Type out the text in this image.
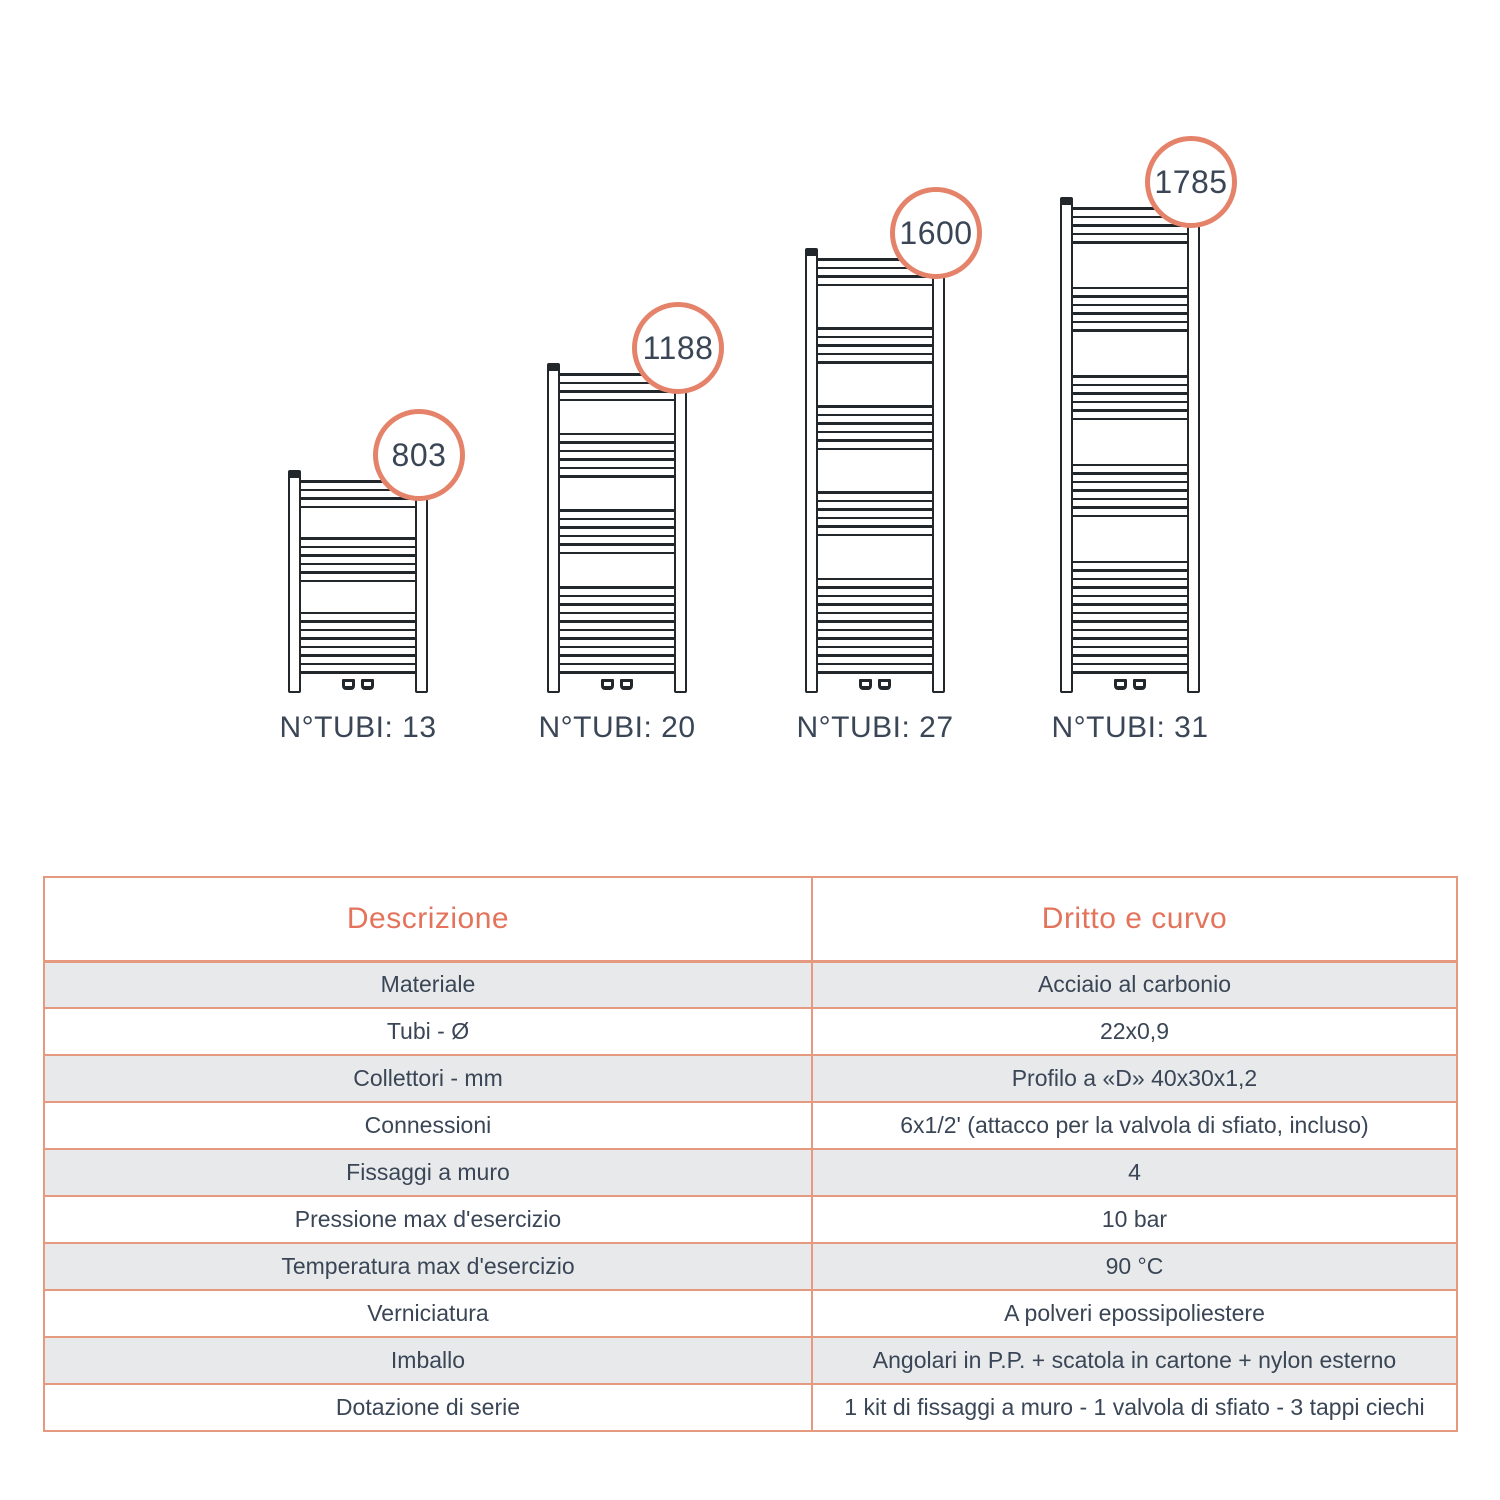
803
N°TUBI: 13
1188
N°TUBI: 20
1600
N°TUBI: 27
1785
N°TUBI: 31
Descrizione	Dritto e curvo
Materiale	Acciaio al carbonio
Tubi - Ø	22x0,9
Collettori - mm	Profilo a «D» 40x30x1,2
Connessioni	6x1/2' (attacco per la valvola di sfiato, incluso)
Fissaggi a muro	4
Pressione max d'esercizio	10 bar
Temperatura max d'esercizio	90 °C
Verniciatura	A polveri epossipoliestere
Imballo	Angolari in P.P. + scatola in cartone + nylon esterno
Dotazione di serie	1 kit di fissaggi a muro - 1 valvola di sfiato - 3 tappi ciechi
